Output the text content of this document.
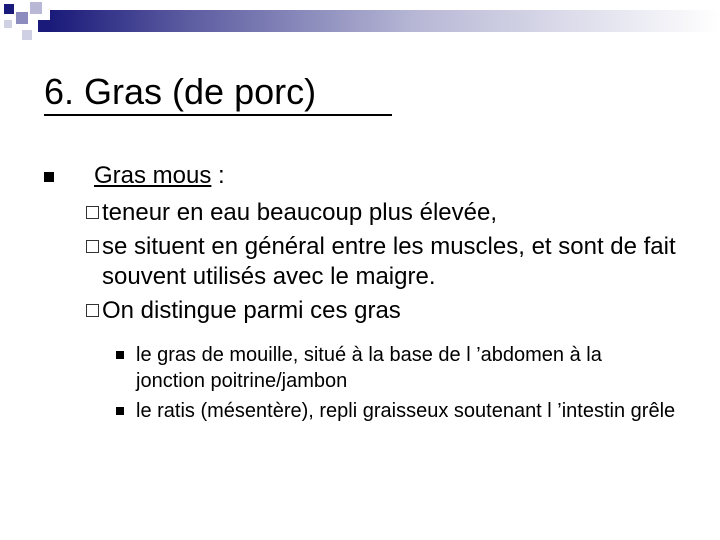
6. Gras (de porc)
Gras mous :
teneur en eau beaucoup plus élevée,
se situent en général entre les muscles, et sont de fait souvent utilisés avec le maigre.
On distingue parmi ces gras
le gras de mouille, situé à la base de l ’abdomen à la jonction poitrine/jambon
le ratis (mésentère), repli graisseux soutenant l ’intestin grêle
